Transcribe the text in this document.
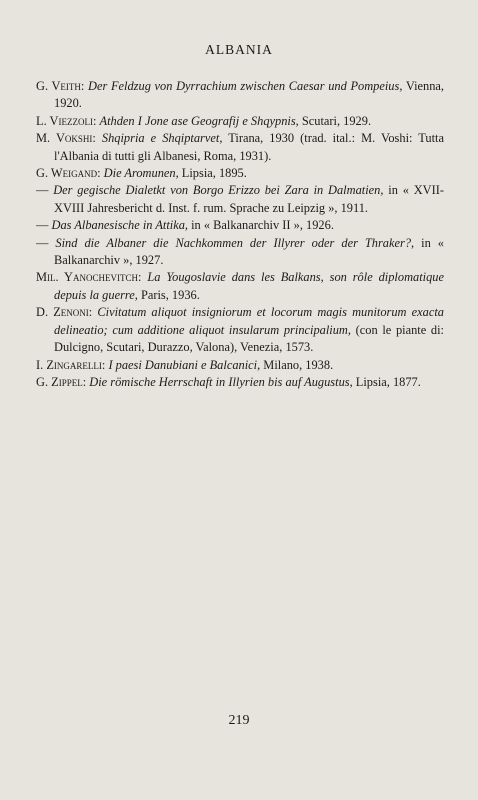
ALBANIA

G. Veith: Der Feldzug von Dyrrachium zwischen Caesar und Pompeius, Vienna, 1920.

L. Viezzoli: Athden I Jone ase Geografij e Shqypnis, Scutari, 1929.

M. Vokshi: Shqipria e Shqiptarvet, Tirana, 1930 (trad. ital.: M. Voshi: Tutta l'Albania di tutti gli Albanesi, Roma, 1931).

G. Weigand: Die Aromunen, Lipsia, 1895.

— Der gegische Dialetkt von Borgo Erizzo bei Zara in Dalmatien, in « XVII-XVIII Jahresbericht d. Inst. f. rum. Sprache zu Leipzig », 1911.

— Das Albanesische in Attika, in « Balkanarchiv II », 1926.

— Sind die Albaner die Nachkommen der Illyrer oder der Thraker?, in « Balkanarchiv », 1927.

Mil. Yanochevitch: La Yougoslavie dans les Balkans, son rôle diplomatique depuis la guerre, Paris, 1936.

D. Zenoni: Civitatum aliquot insigniorum et locorum magis munitorum exacta delineatio; cum additione aliquot insularum principalium, (con le piante di: Dulcigno, Scutari, Durazzo, Valona), Venezia, 1573.

I. Zingarelli: I paesi Danubiani e Balcanici, Milano, 1938.

G. Zippel: Die römische Herrschaft in Illyrien bis auf Augustus, Lipsia, 1877.

219
